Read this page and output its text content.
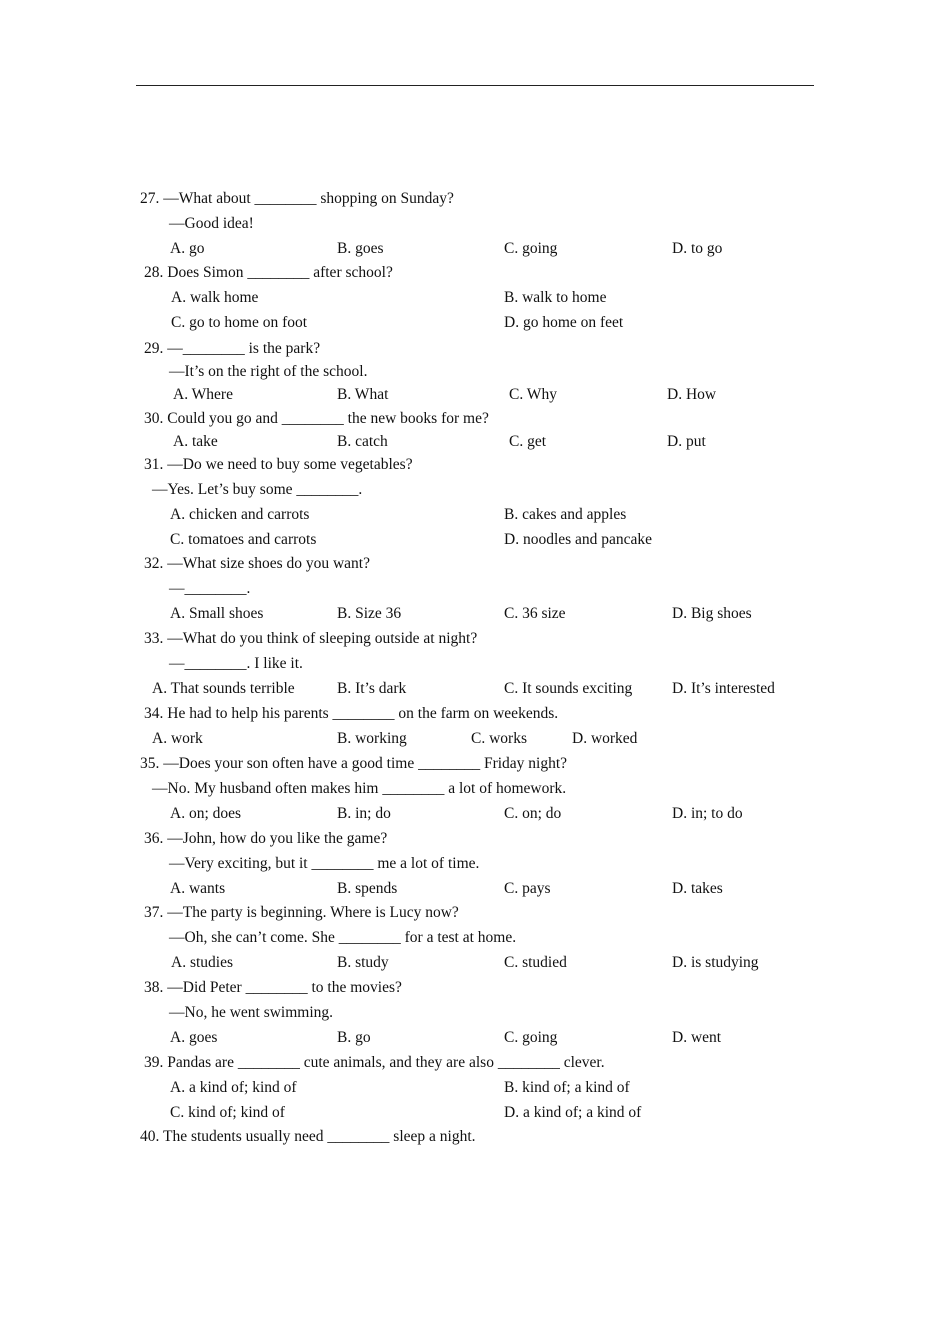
27. —What about ________ shopping on Sunday?
—Good idea!
A. go	B. goes	C. going	D. to go
28. Does Simon ________ after school?
A. walk home	B. walk to home
C. go to home on foot	D. go home on feet
29. —________ is the park?
—It’s on the right of the school.
A. Where	B. What	C. Why	D. How
30. Could you go and ________ the new books for me?
A. take	B. catch	C. get	D. put
31. —Do we need to buy some vegetables?
—Yes. Let’s buy some ________.
A. chicken and carrots	B. cakes and apples
C. tomatoes and carrots	D. noodles and pancake
32. —What size shoes do you want?
—________.
A. Small shoes	B. Size 36	C. 36 size	D. Big shoes
33. —What do you think of sleeping outside at night?
—________. I like it.
A. That sounds terrible	B. It’s dark	C. It sounds exciting	D. It’s interested
34. He had to help his parents ________ on the farm on weekends.
A. work	B. working	C. works	D. worked
35. —Does your son often have a good time ________ Friday night?
—No. My husband often makes him ________ a lot of homework.
A. on; does	B. in; do	C. on; do	D. in; to do
36. —John, how do you like the game?
—Very exciting, but it ________ me a lot of time.
A. wants	B. spends	C. pays	D. takes
37. —The party is beginning. Where is Lucy now?
—Oh, she can’t come. She ________ for a test at home.
A. studies	B. study	C. studied	D. is studying
38. —Did Peter ________ to the movies?
—No, he went swimming.
A. goes	B. go	C. going	D. went
39. Pandas are ________ cute animals, and they are also ________ clever.
A. a kind of; kind of	B. kind of; a kind of
C. kind of; kind of	D. a kind of; a kind of
40. The students usually need ________ sleep a night.
